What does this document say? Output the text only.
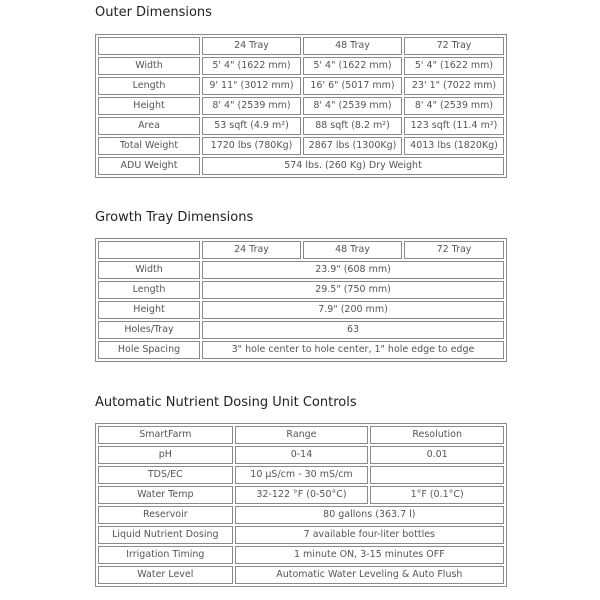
Outer Dimensions
	24 Tray	48 Tray	72 Tray
Width	5' 4" (1622 mm)	5' 4" (1622 mm)	5' 4" (1622 mm)
Length	9' 11" (3012 mm)	16' 6" (5017 mm)	23' 1" (7022 mm)
Height	8' 4" (2539 mm)	8' 4" (2539 mm)	8' 4" (2539 mm)
Area	53 sqft (4.9 m²)	88 sqft (8.2 m²)	123 sqft (11.4 m²)
Total Weight	1720 lbs (780Kg)	2867 lbs (1300Kg)	4013 lbs (1820Kg)
ADU Weight	574 lbs. (260 Kg) Dry Weight		
Growth Tray Dimensions
	24 Tray	48 Tray	72 Tray
Width	23.9" (608 mm)		
Length	29.5" (750 mm)		
Height	7.9" (200 mm)		
Holes/Tray	63		
Hole Spacing	3" hole center to hole center, 1" hole edge to edge		
Automatic Nutrient Dosing Unit Controls
SmartFarm	Range	Resolution
pH	0-14	0.01
TDS/EC	10 µS/cm - 30 mS/cm	
Water Temp	32-122 °F (0-50°C)	1°F (0.1°C)
Reservoir	80 gallons (363.7 l)	
Liquid Nutrient Dosing	7 available four-liter bottles	
Irrigation Timing	1 minute ON, 3-15 minutes OFF	
Water Level	Automatic Water Leveling & Auto Flush	
